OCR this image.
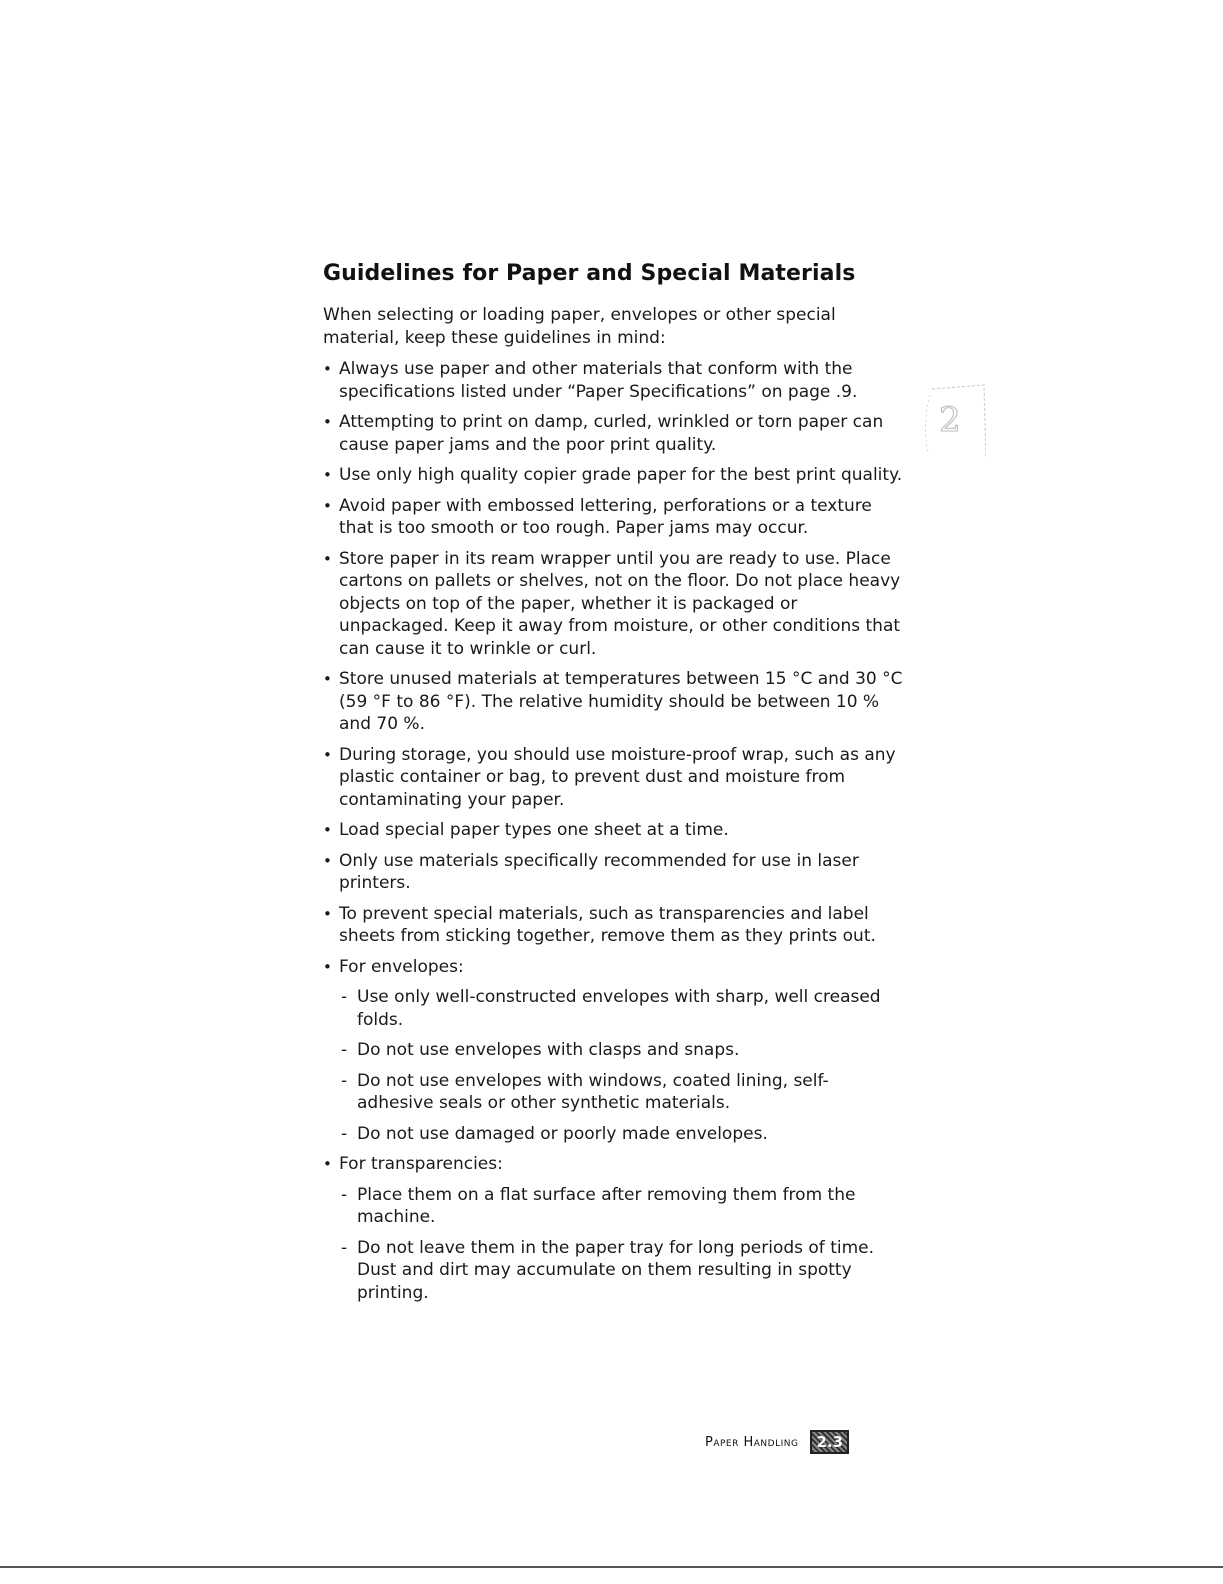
Guidelines for Paper and Special Materials

When selecting or loading paper, envelopes or other special material, keep these guidelines in mind:

• Always use paper and other materials that conform with the specifications listed under “Paper Specifications” on page .9.
• Attempting to print on damp, curled, wrinkled or torn paper can cause paper jams and the poor print quality.
• Use only high quality copier grade paper for the best print quality.
• Avoid paper with embossed lettering, perforations or a texture that is too smooth or too rough. Paper jams may occur.
• Store paper in its ream wrapper until you are ready to use. Place cartons on pallets or shelves, not on the floor. Do not place heavy objects on top of the paper, whether it is packaged or unpackaged. Keep it away from moisture, or other conditions that can cause it to wrinkle or curl.
• Store unused materials at temperatures between 15 °C and 30 °C (59 °F to 86 °F). The relative humidity should be between 10 % and 70 %.
• During storage, you should use moisture-proof wrap, such as any plastic container or bag, to prevent dust and moisture from contaminating your paper.
• Load special paper types one sheet at a time.
• Only use materials specifically recommended for use in laser printers.
• To prevent special materials, such as transparencies and label sheets from sticking together, remove them as they prints out.
• For envelopes:
- Use only well-constructed envelopes with sharp, well creased folds.
- Do not use envelopes with clasps and snaps.
- Do not use envelopes with windows, coated lining, self-adhesive seals or other synthetic materials.
- Do not use damaged or poorly made envelopes.
• For transparencies:
- Place them on a flat surface after removing them from the machine.
- Do not leave them in the paper tray for long periods of time. Dust and dirt may accumulate on them resulting in spotty printing.
2
Paper Handling	2.3
